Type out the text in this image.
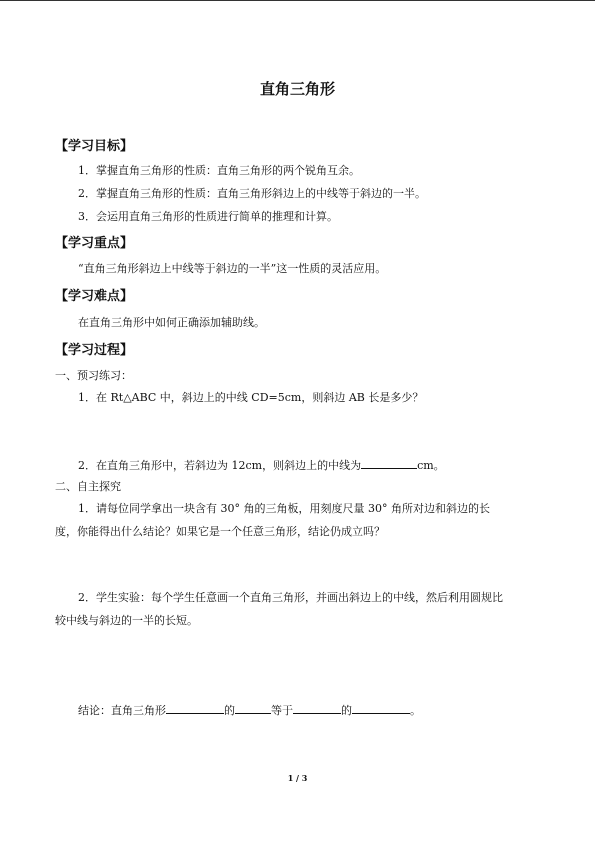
直角三角形
【学习目标】
1．掌握直角三角形的性质：直角三角形的两个锐角互余。
2．掌握直角三角形的性质：直角三角形斜边上的中线等于斜边的一半。
3．会运用直角三角形的性质进行简单的推理和计算。
【学习重点】
“直角三角形斜边上中线等于斜边的一半”这一性质的灵活应用。
【学习难点】
在直角三角形中如何正确添加辅助线。
【学习过程】
一、预习练习：
1．在 Rt△ABC 中，斜边上的中线 CD=5cm，则斜边 AB 长是多少？
2．在直角三角形中，若斜边为 12cm，则斜边上的中线为	cm。
二、自主探究
1．请每位同学拿出一块含有 30° 角的三角板，用刻度尺量 30° 角所对边和斜边的长
度，你能得出什么结论？如果它是一个任意三角形，结论仍成立吗？
2．学生实验：每个学生任意画一个直角三角形，并画出斜边上的中线，然后利用圆规比
较中线与斜边的一半的长短。
结论：直角三角形	的	等于	的	。
1 / 3
